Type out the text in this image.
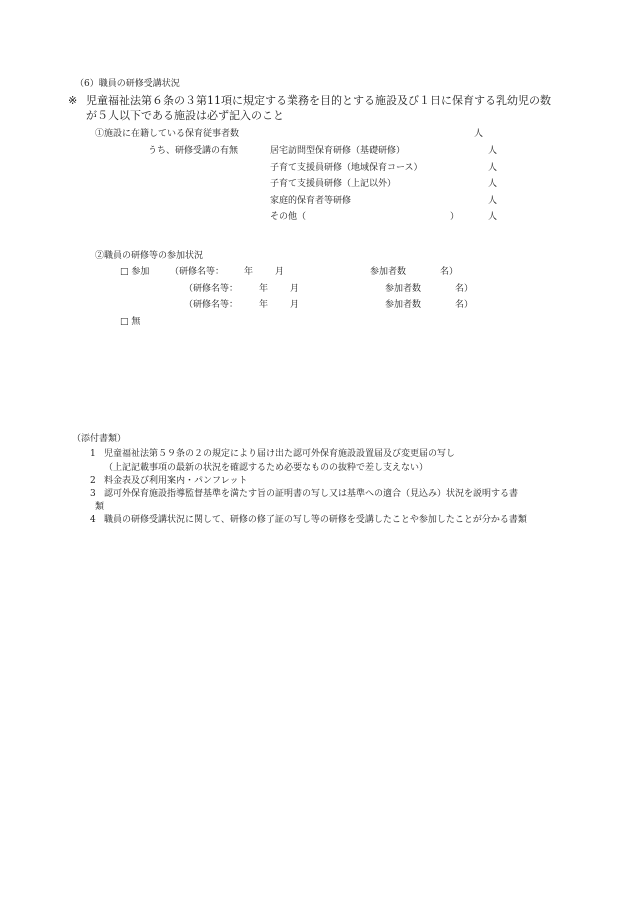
（6）職員の研修受講状況
※ 児童福祉法第６条の３第11項に規定する業務を目的とする施設及び１日に保育する乳幼児の数
が５人以下である施設は必ず記入のこと
①施設に在籍している保育従事者数	人
うち、研修受講の有無	居宅訪問型保育研修（基礎研修）	人
子育て支援員研修（地域保育コース）	人
子育て支援員研修（上記以外）	人
家庭的保育者等研修	人
その他（	）	人
②職員の研修等の参加状況
□ 参加 （研修名等： 年 月	参加者数	名）
（研修名等： 年 月	参加者数	名）
（研修名等： 年 月	参加者数	名）
□ 無
（添付書類）
1 児童福祉法第５９条の２の規定により届け出た認可外保育施設設置届及び変更届の写し
（上記記載事項の最新の状況を確認するため必要なものの抜粋で差し支えない）
2 料金表及び利用案内・パンフレット
3 認可外保育施設指導監督基準を満たす旨の証明書の写し又は基準への適合（見込み）状況を説明する書
類
4 職員の研修受講状況に関して、研修の修了証の写し等の研修を受講したことや参加したことが分かる書類
